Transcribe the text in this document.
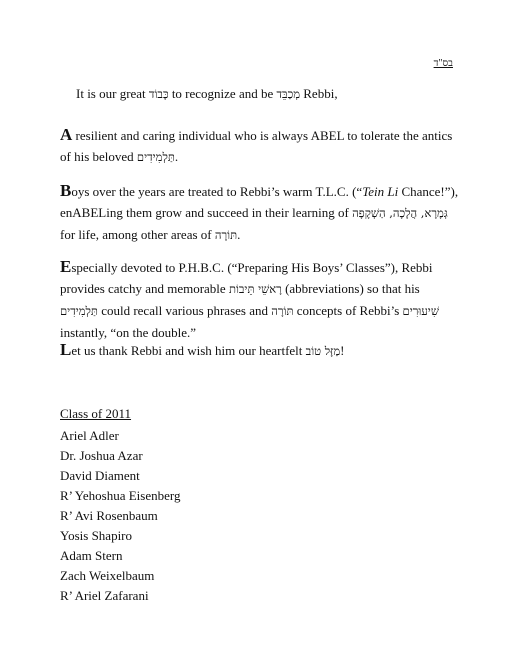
בס"ד
It is our great כָּבוֹד to recognize and be מְכַבֵּד Rebbi,
A resilient and caring individual who is always ABEL to tolerate the antics of his beloved תַּלְמִידִים.
Boys over the years are treated to Rebbi’s warm T.L.C. (“Tein Li Chance!”), enABELing them grow and succeed in their learning of גְּמָרָא, הֲלָכָה, הַשְׁקָפָה for life, among other areas of תּוֹרָה.
Especially devoted to P.H.B.C. (“Preparing His Boys’ Classes”), Rebbi provides catchy and memorable רָאשֵׁי תֵּיבוֹת (abbreviations) so that his תַּלְמִידִים could recall various phrases and תּוֹרָה concepts of Rebbi’s שִׁיעוּרִים instantly, “on the double.”
Let us thank Rebbi and wish him our heartfelt מַזָּל טוֹב!
Class of 2011
Ariel Adler
Dr. Joshua Azar
David Diament
R’ Yehoshua Eisenberg
R’ Avi Rosenbaum
Yosis Shapiro
Adam Stern
Zach Weixelbaum
R’ Ariel Zafarani
